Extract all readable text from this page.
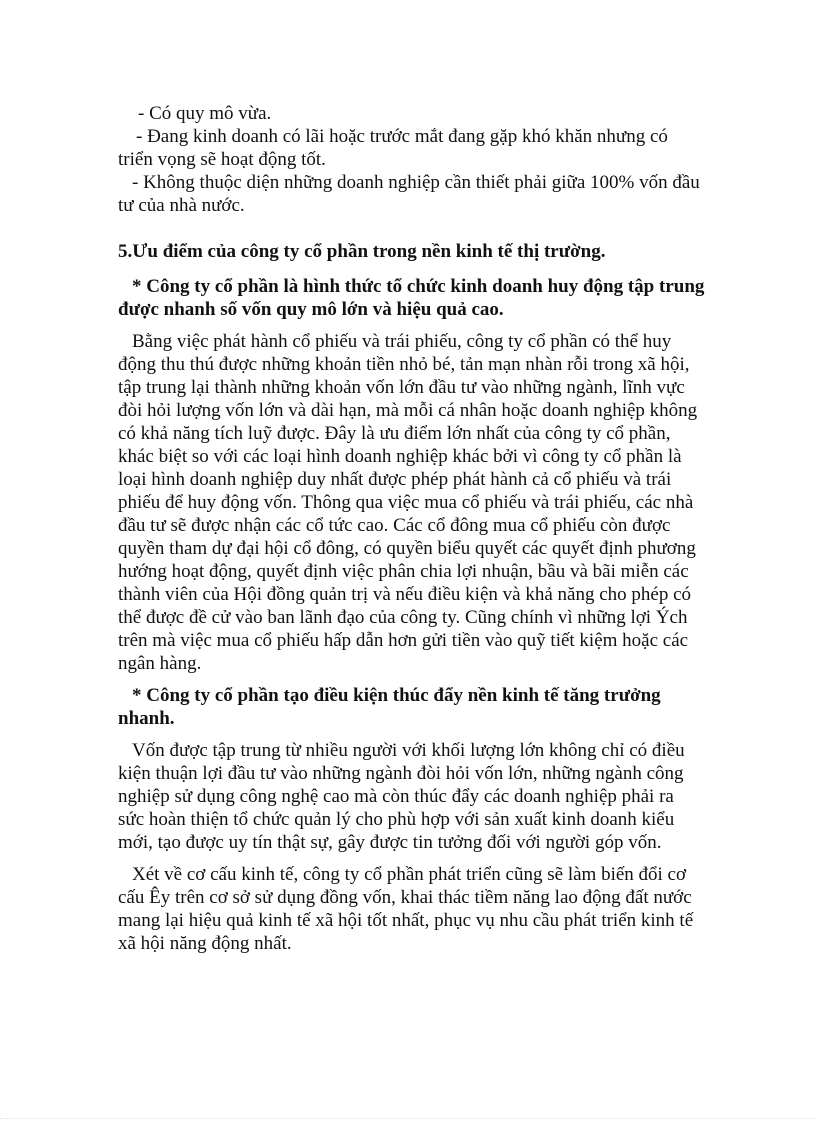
- Có quy mô vừa.
- Đang kinh doanh có lãi hoặc trước mắt đang gặp khó khăn nhưng có
triển vọng sẽ hoạt động tốt.
- Không thuộc diện những doanh nghiệp cần thiết phải giữa 100% vốn đầu
tư của nhà nước.
5.Ưu điểm của công ty cổ phần trong nền kinh tế thị trường.
* Công ty cổ phần là hình thức tổ chức kinh doanh huy động tập trung
được nhanh số vốn quy mô lớn và hiệu quả cao.
Bằng việc phát hành cổ phiếu và trái phiếu, công ty cổ phần có thể huy
động thu thú được những khoản tiền nhỏ bé, tản mạn nhàn rỗi trong xã hội,
tập trung lại thành những khoản vốn lớn đầu tư vào những ngành, lĩnh vực
đòi hỏi lượng vốn lớn và dài hạn, mà mỗi cá nhân hoặc doanh nghiệp không
có khả năng tích luỹ được. Đây là ưu điểm lớn nhất của công ty cổ phần,
khác biệt so với các loại hình doanh nghiệp khác bởi vì công ty cổ phần là
loại hình doanh nghiệp duy nhất được phép phát hành cả cổ phiếu và trái
phiếu để huy động vốn. Thông qua việc mua cổ phiếu và trái phiếu, các nhà
đầu tư sẽ được nhận các cổ tức cao. Các cổ đông mua cổ phiếu còn được
quyền tham dự đại hội cổ đông, có quyền biểu quyết các quyết định phương
hướng hoạt động, quyết định việc phân chia lợi nhuận, bầu và bãi miễn các
thành viên của Hội đồng quản trị và nếu điều kiện và khả năng cho phép có
thể được đề cử vào ban lãnh đạo của công ty. Cũng chính vì những lợi Ých
trên mà việc mua cổ phiếu hấp dẫn hơn gửi tiền vào quỹ tiết kiệm hoặc các
ngân hàng.
* Công ty cổ phần tạo điều kiện thúc đẩy nền kinh tế tăng trưởng
nhanh.
Vốn được tập trung từ nhiều người với khối lượng lớn không chỉ có điều
kiện thuận lợi đầu tư vào những ngành đòi hỏi vốn lớn, những ngành công
nghiệp sử dụng công nghệ cao mà còn thúc đẩy các doanh nghiệp phải ra
sức hoàn thiện tổ chức quản lý cho phù hợp với sản xuất kinh doanh kiểu
mới, tạo được uy tín thật sự, gây được tin tưởng đối với người góp vốn.
Xét về cơ cấu kinh tế, công ty cổ phần phát triển cũng sẽ làm biến đổi cơ
cấu Êy trên cơ sở sử dụng đồng vốn, khai thác tiềm năng lao động đất nước
mang lại hiệu quả kinh tế xã hội tốt nhất, phục vụ nhu cầu phát triển kinh tế
xã hội năng động nhất.
